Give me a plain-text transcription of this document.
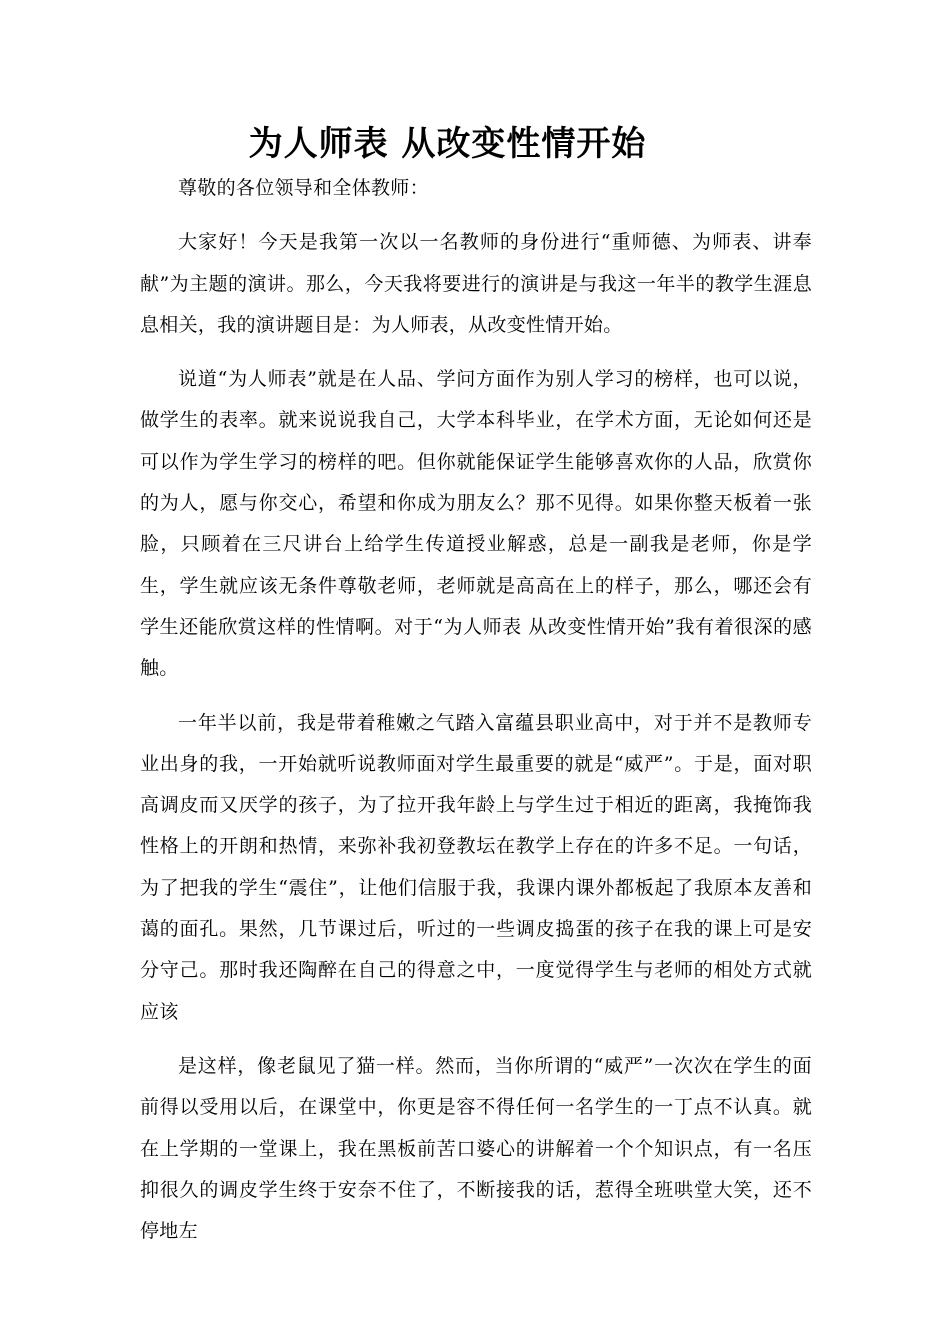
为人师表 从改变性情开始

尊敬的各位领导和全体教师：

大家好！今天是我第一次以一名教师的身份进行“重师德、为师表、讲奉献”为主题的演讲。那么，今天我将要进行的演讲是与我这一年半的教学生涯息息相关，我的演讲题目是：为人师表，从改变性情开始。

说道“为人师表”就是在人品、学问方面作为别人学习的榜样，也可以说，做学生的表率。就来说说我自己，大学本科毕业，在学术方面，无论如何还是可以作为学生学习的榜样的吧。但你就能保证学生能够喜欢你的人品，欣赏你的为人，愿与你交心，希望和你成为朋友么？那不见得。如果你整天板着一张脸，只顾着在三尺讲台上给学生传道授业解惑，总是一副我是老师，你是学生，学生就应该无条件尊敬老师，老师就是高高在上的样子，那么，哪还会有学生还能欣赏这样的性情啊。对于“为人师表 从改变性情开始”我有着很深的感触。

一年半以前，我是带着稚嫩之气踏入富蕴县职业高中，对于并不是教师专业出身的我，一开始就听说教师面对学生最重要的就是“威严”。于是，面对职高调皮而又厌学的孩子，为了拉开我年龄上与学生过于相近的距离，我掩饰我性格上的开朗和热情，来弥补我初登教坛在教学上存在的许多不足。一句话，为了把我的学生“震住”，让他们信服于我，我课内课外都板起了我原本友善和蔼的面孔。果然，几节课过后，听过的一些调皮捣蛋的孩子在我的课上可是安分守己。那时我还陶醉在自己的得意之中，一度觉得学生与老师的相处方式就应该

是这样，像老鼠见了猫一样。然而，当你所谓的“威严”一次次在学生的面前得以受用以后，在课堂中，你更是容不得任何一名学生的一丁点不认真。就在上学期的一堂课上，我在黑板前苦口婆心的讲解着一个个知识点，有一名压抑很久的调皮学生终于安奈不住了，不断接我的话，惹得全班哄堂大笑，还不停地左
